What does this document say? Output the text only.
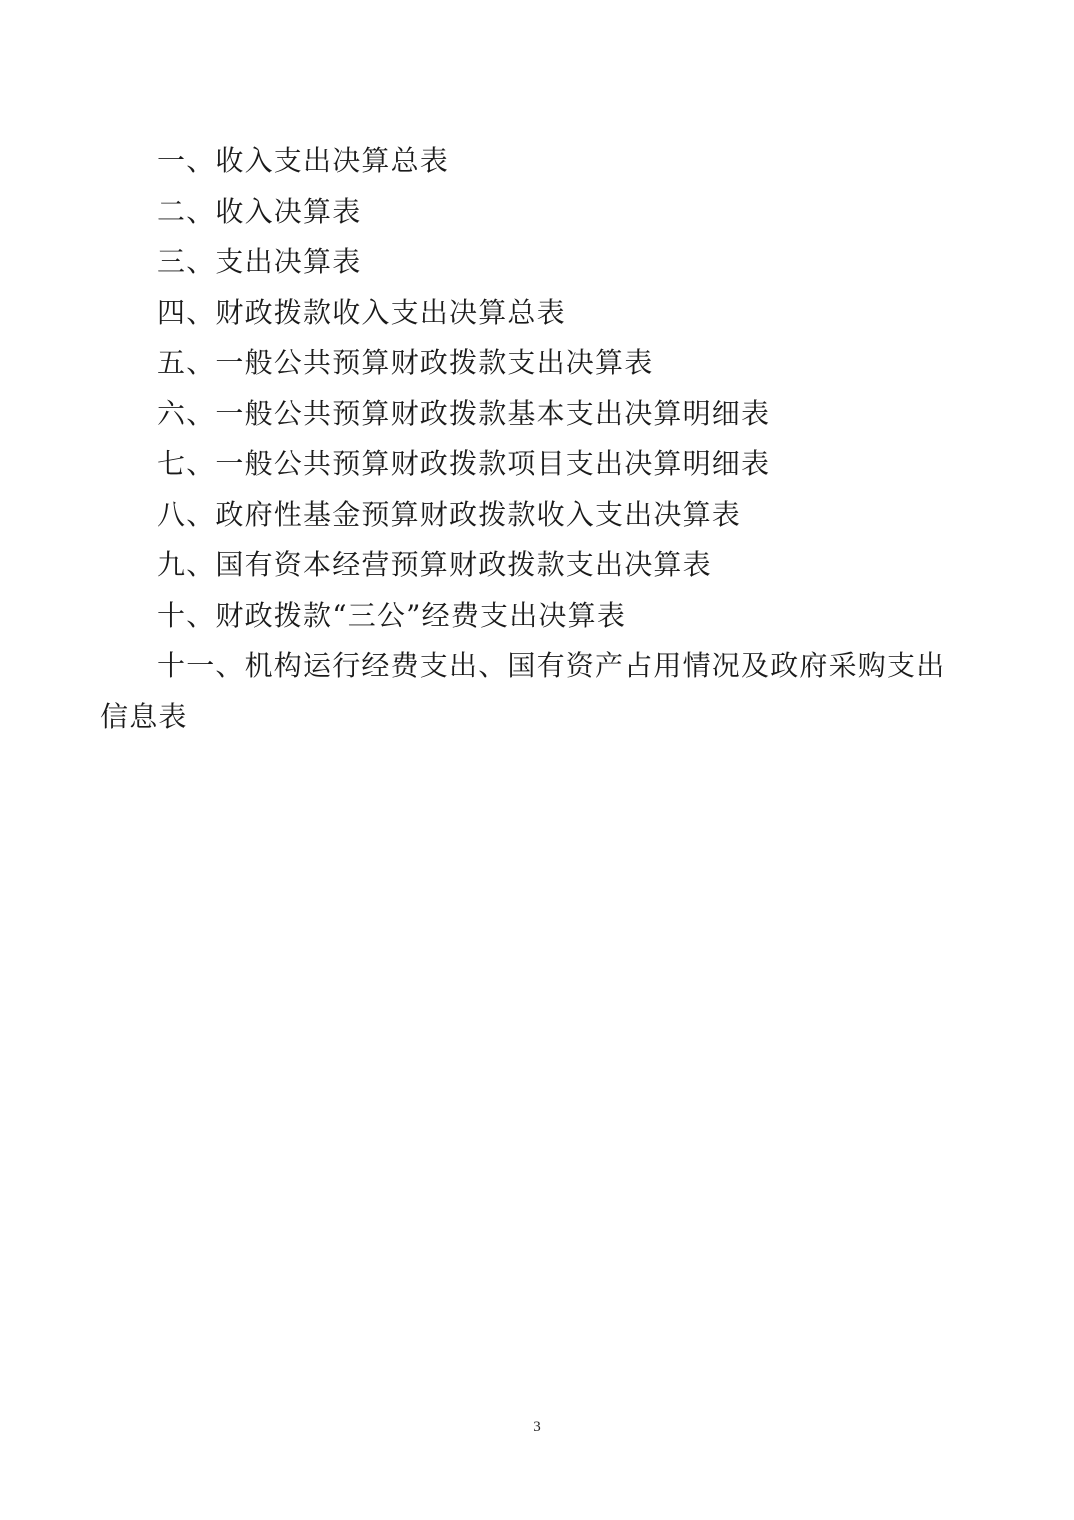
一、收入支出决算总表
二、收入决算表
三、支出决算表
四、财政拨款收入支出决算总表
五、一般公共预算财政拨款支出决算表
六、一般公共预算财政拨款基本支出决算明细表
七、一般公共预算财政拨款项目支出决算明细表
八、政府性基金预算财政拨款收入支出决算表
九、国有资本经营预算财政拨款支出决算表
十、财政拨款“三公”经费支出决算表
十一、机构运行经费支出、国有资产占用情况及政府采购支出信息表
3
